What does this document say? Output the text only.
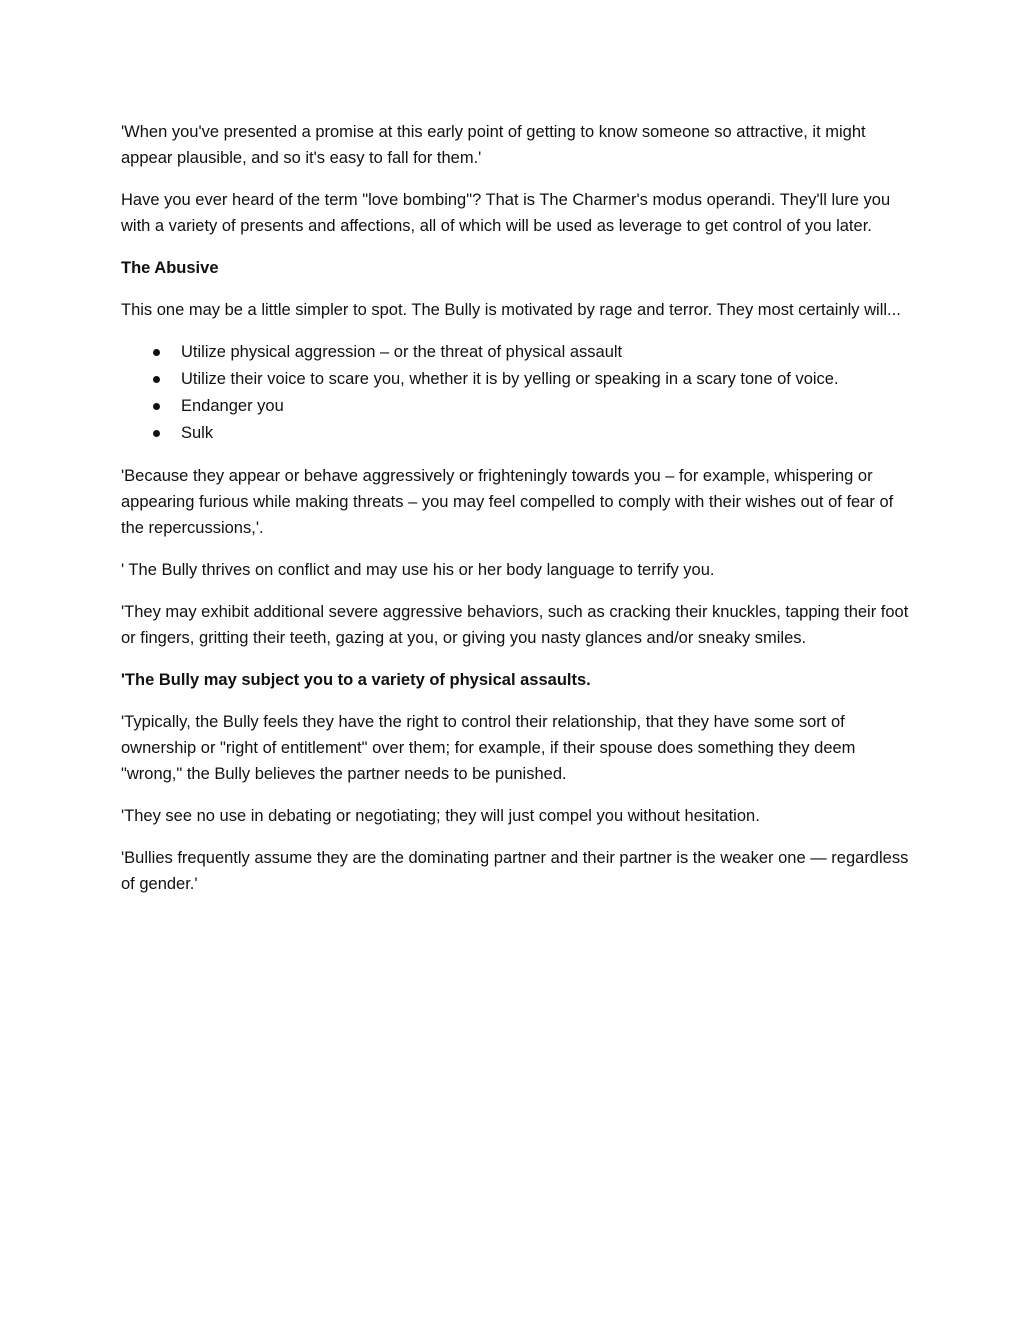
'When you've presented a promise at this early point of getting to know someone so attractive, it might appear plausible, and so it's easy to fall for them.'

Have you ever heard of the term "love bombing"? That is The Charmer's modus operandi. They'll lure you with a variety of presents and affections, all of which will be used as leverage to get control of you later.

The Abusive

This one may be a little simpler to spot. The Bully is motivated by rage and terror. They most certainly will...

Utilize physical aggression – or the threat of physical assault
Utilize their voice to scare you, whether it is by yelling or speaking in a scary tone of voice.
Endanger you
Sulk

'Because they appear or behave aggressively or frighteningly towards you – for example, whispering or appearing furious while making threats – you may feel compelled to comply with their wishes out of fear of the repercussions,'.

' The Bully thrives on conflict and may use his or her body language to terrify you.

'They may exhibit additional severe aggressive behaviors, such as cracking their knuckles, tapping their foot or fingers, gritting their teeth, gazing at you, or giving you nasty glances and/or sneaky smiles.

'The Bully may subject you to a variety of physical assaults.

'Typically, the Bully feels they have the right to control their relationship, that they have some sort of ownership or "right of entitlement" over them; for example, if their spouse does something they deem "wrong," the Bully believes the partner needs to be punished.

'They see no use in debating or negotiating; they will just compel you without hesitation.

'Bullies frequently assume they are the dominating partner and their partner is the weaker one — regardless of gender.'
